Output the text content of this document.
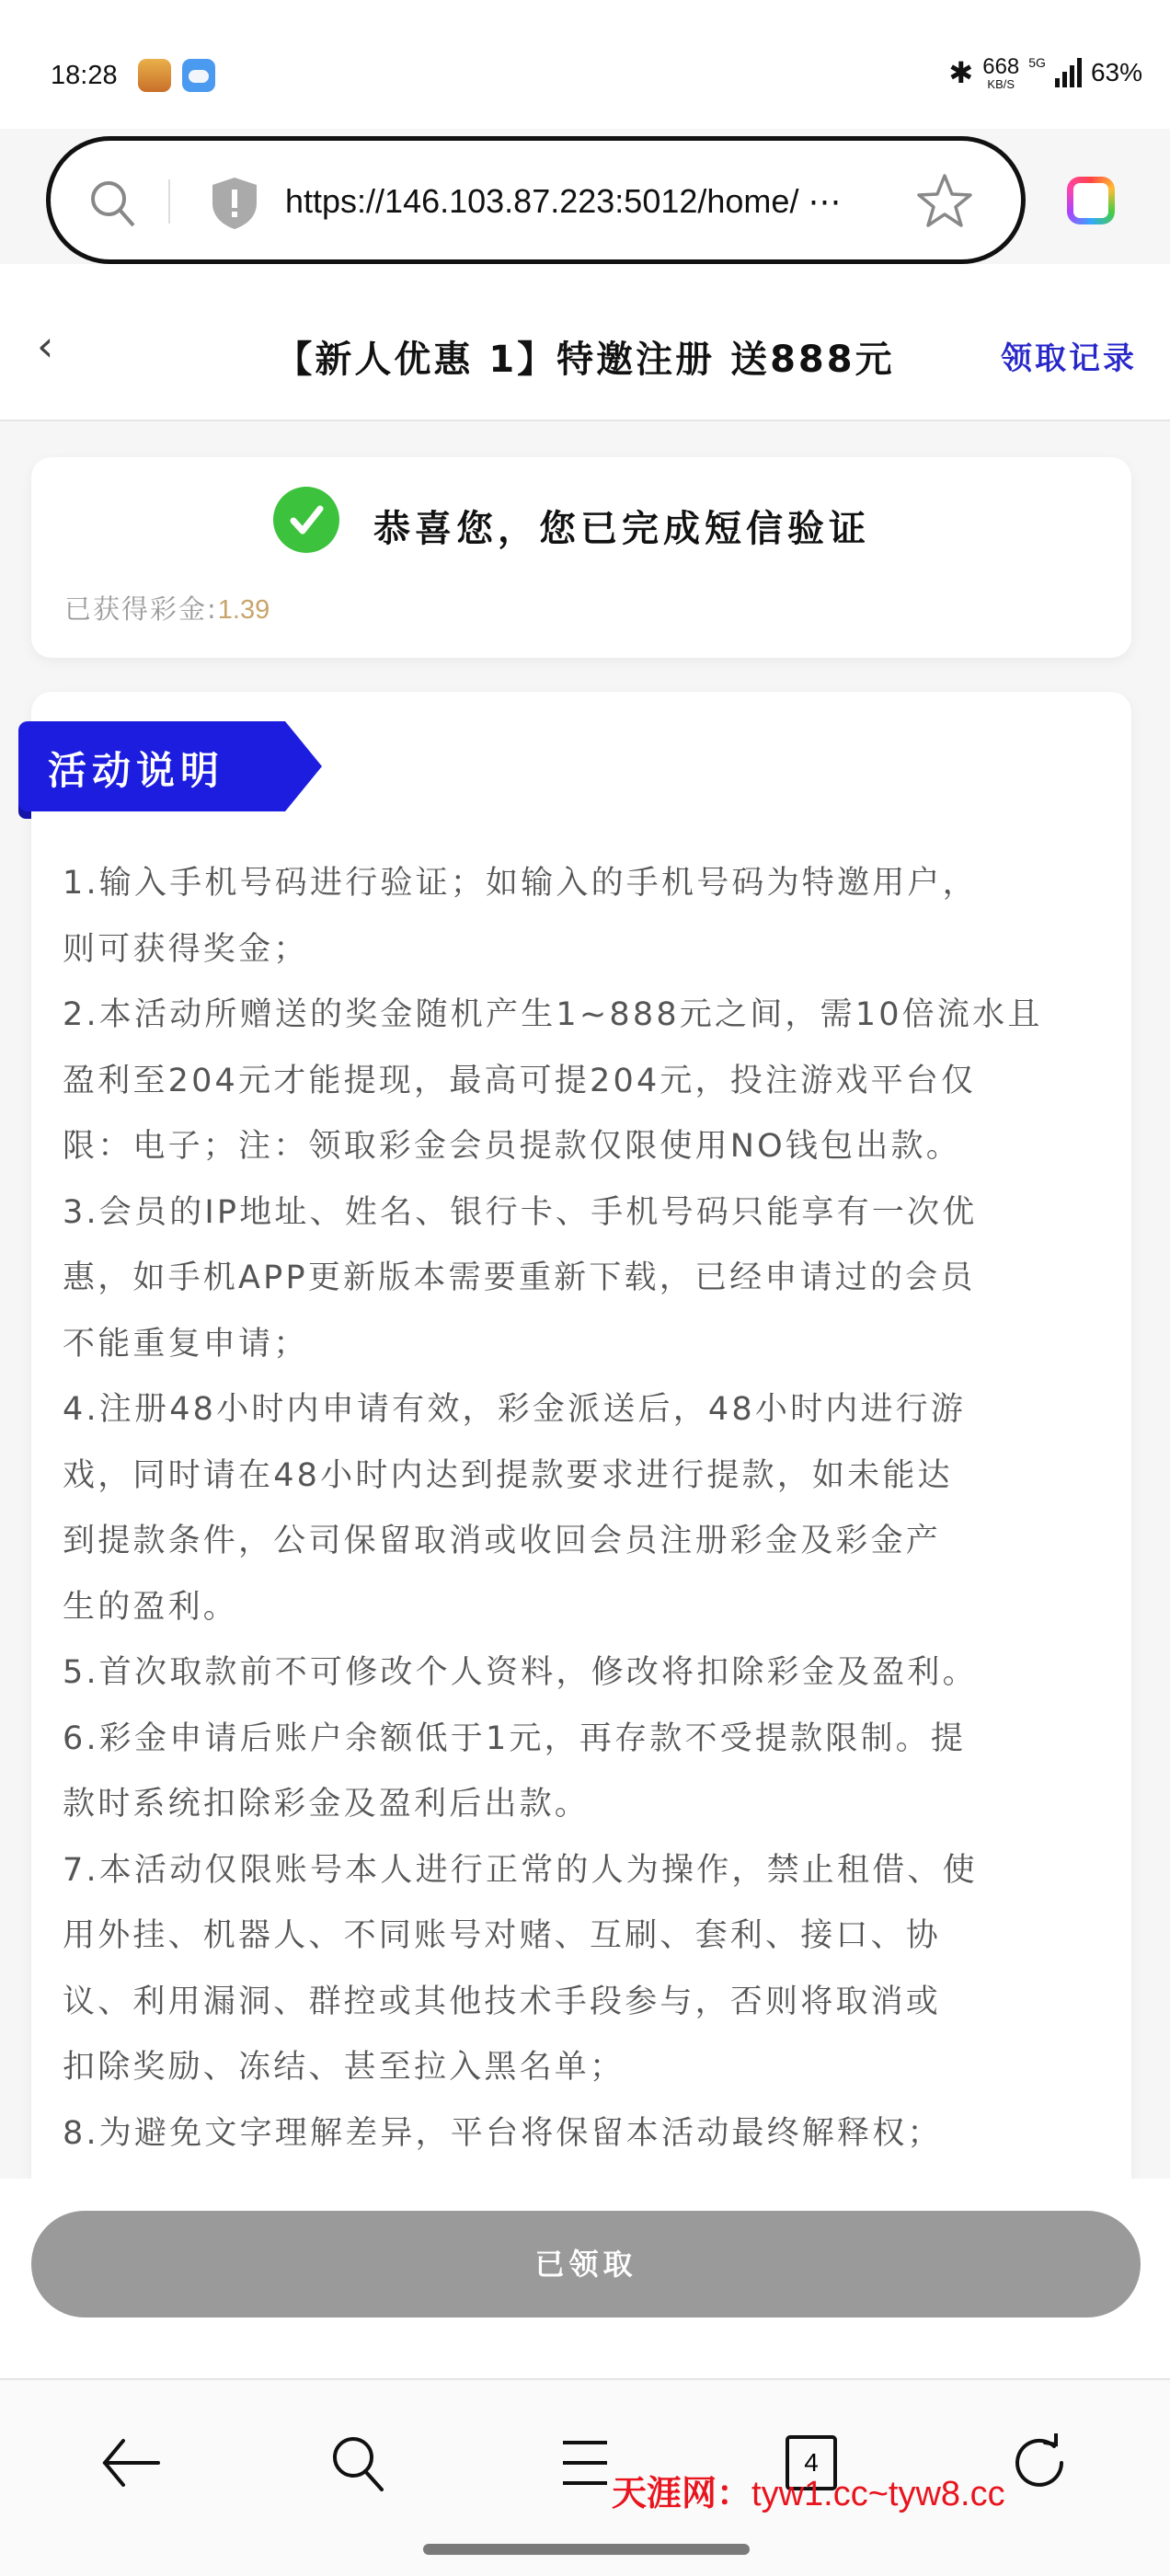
18:28	✱ 668
KB/S
5G 63%
https://146.103.87.223:5012/home/ ⋯
‹	【新人优惠 1】特邀注册 送888元	领取记录
恭喜您，您已完成短信验证
已获得彩金:1.39
活动说明
1.输入手机号码进行验证；如输入的手机号码为特邀用户，
则可获得奖金；
2.本活动所赠送的奖金随机产生1~888元之间，需10倍流水且
盈利至204元才能提现，最高可提204元，投注游戏平台仅
限：电子；注：领取彩金会员提款仅限使用NO钱包出款。
3.会员的IP地址、姓名、银行卡、手机号码只能享有一次优
惠，如手机APP更新版本需要重新下载，已经申请过的会员
不能重复申请；
4.注册48小时内申请有效，彩金派送后，48小时内进行游
戏，同时请在48小时内达到提款要求进行提款，如未能达
到提款条件，公司保留取消或收回会员注册彩金及彩金产
生的盈利。
5.首次取款前不可修改个人资料，修改将扣除彩金及盈利。
6.彩金申请后账户余额低于1元，再存款不受提款限制。提
款时系统扣除彩金及盈利后出款。
7.本活动仅限账号本人进行正常的人为操作，禁止租借、使
用外挂、机器人、不同账号对赌、互刷、套利、接口、协
议、利用漏洞、群控或其他技术手段参与，否则将取消或
扣除奖励、冻结、甚至拉入黑名单；
8.为避免文字理解差异，平台将保留本活动最终解释权；
已领取
4
天涯网：tyw1.cc~tyw8.cc
